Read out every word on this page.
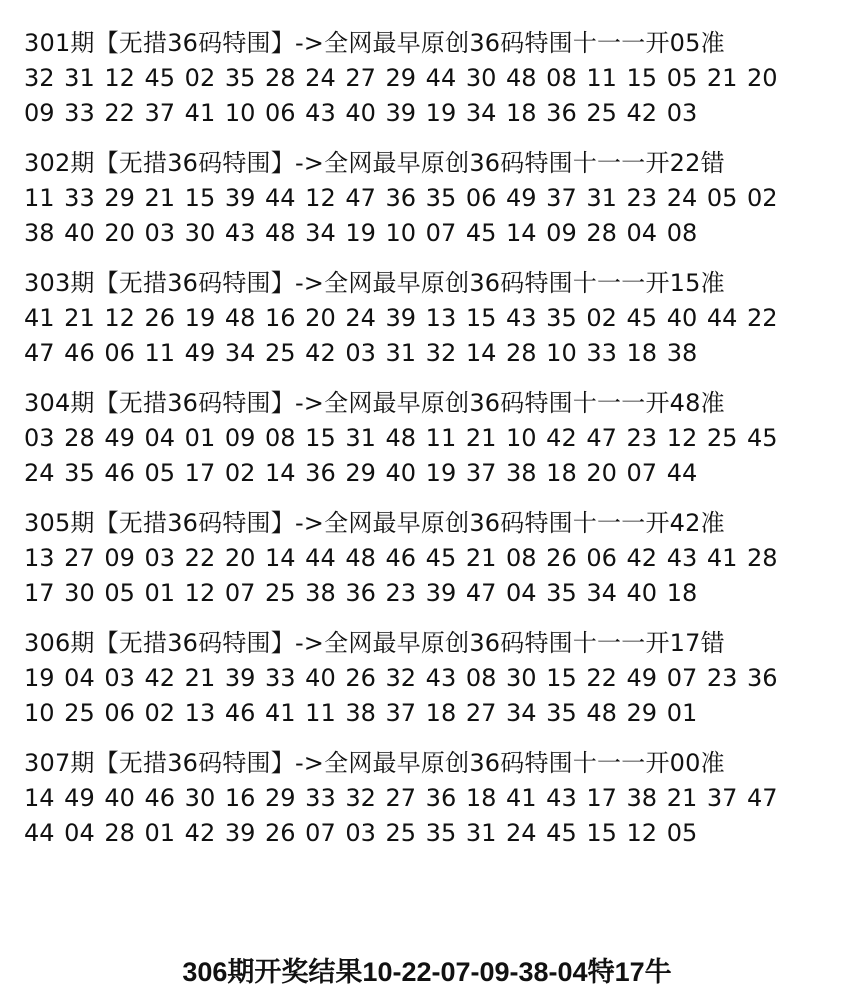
301期【无措36码特围】->全网最早原创36码特围十一一开05准
32 31 12 45 02 35 28 24 27 29 44 30 48 08 11 15 05 21 20
09 33 22 37 41 10 06 43 40 39 19 34 18 36 25 42 03
302期【无措36码特围】->全网最早原创36码特围十一一开22错
11 33 29 21 15 39 44 12 47 36 35 06 49 37 31 23 24 05 02
38 40 20 03 30 43 48 34 19 10 07 45 14 09 28 04 08
303期【无措36码特围】->全网最早原创36码特围十一一开15准
41 21 12 26 19 48 16 20 24 39 13 15 43 35 02 45 40 44 22
47 46 06 11 49 34 25 42 03 31 32 14 28 10 33 18 38
304期【无措36码特围】->全网最早原创36码特围十一一开48准
03 28 49 04 01 09 08 15 31 48 11 21 10 42 47 23 12 25 45
24 35 46 05 17 02 14 36 29 40 19 37 38 18 20 07 44
305期【无措36码特围】->全网最早原创36码特围十一一开42准
13 27 09 03 22 20 14 44 48 46 45 21 08 26 06 42 43 41 28
17 30 05 01 12 07 25 38 36 23 39 47 04 35 34 40 18
306期【无措36码特围】->全网最早原创36码特围十一一开17错
19 04 03 42 21 39 33 40 26 32 43 08 30 15 22 49 07 23 36
10 25 06 02 13 46 41 11 38 37 18 27 34 35 48 29 01
307期【无措36码特围】->全网最早原创36码特围十一一开00准
14 49 40 46 30 16 29 33 32 27 36 18 41 43 17 38 21 37 47
44 04 28 01 42 39 26 07 03 25 35 31 24 45 15 12 05
306期开奖结果10-22-07-09-38-04特17牛
